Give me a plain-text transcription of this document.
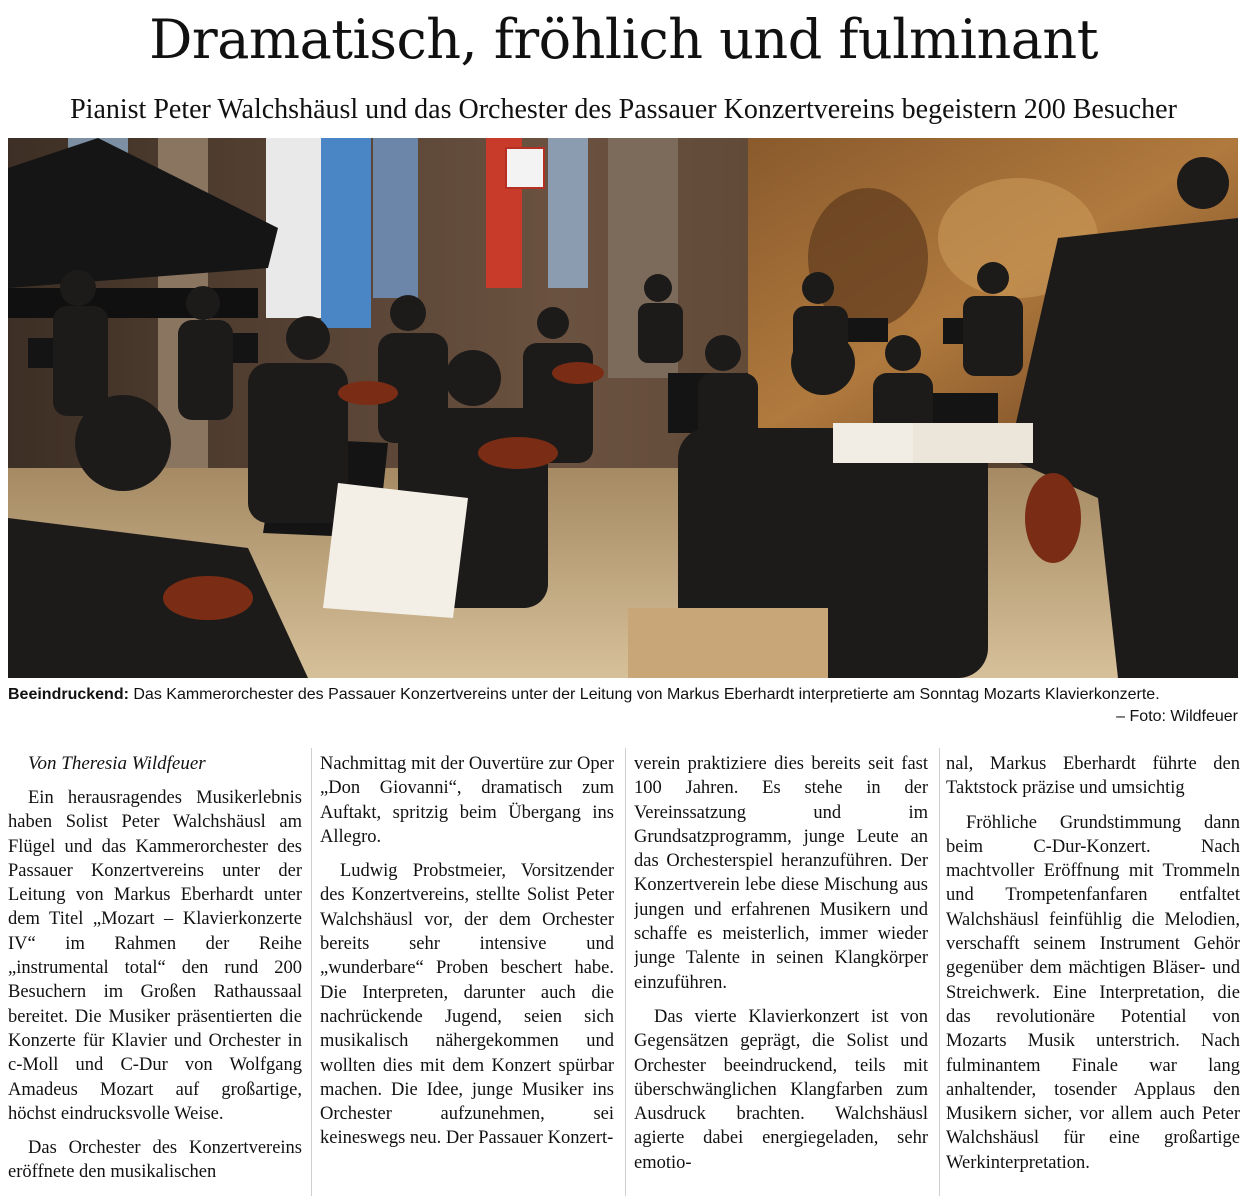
Dramatisch, fröhlich und fulminant
Pianist Peter Walchshäusl und das Orchester des Passauer Konzertvereins begeistern 200 Besucher
Beeindruckend: Das Kammerorchester des Passauer Konzertvereins unter der Leitung von Markus Eberhardt interpretierte am Sonntag Mozarts Klavierkonzerte.
– Foto: Wildfeuer

Von Theresia Wildfeuer

Ein herausragendes Musikerlebnis haben Solist Peter Walchshäusl am Flügel und das Kammerorchester des Passauer Konzertvereins unter der Leitung von Markus Eberhardt unter dem Titel „Mozart – Klavierkonzerte IV“ im Rahmen der Reihe „instrumental total“ den rund 200 Besuchern im Großen Rathaussaal bereitet. Die Musiker präsentierten die Konzerte für Klavier und Orchester in c-Moll und C-Dur von Wolfgang Amadeus Mozart auf großartige, höchst eindrucksvolle Weise.

Das Orchester des Konzertvereins eröffnete den musikalischen

Nachmittag mit der Ouvertüre zur Oper „Don Giovanni“, dramatisch zum Auftakt, spritzig beim Übergang ins Allegro.

Ludwig Probstmeier, Vorsitzender des Konzertvereins, stellte Solist Peter Walchshäusl vor, der dem Orchester bereits sehr intensive und „wunderbare“ Proben beschert habe. Die Interpreten, darunter auch die nachrückende Jugend, seien sich musikalisch nähergekommen und wollten dies mit dem Konzert spürbar machen. Die Idee, junge Musiker ins Orchester aufzunehmen, sei keineswegs neu. Der Passauer Konzert-

verein praktiziere dies bereits seit fast 100 Jahren. Es stehe in der Vereinssatzung und im Grundsatzprogramm, junge Leute an das Orchesterspiel heranzuführen. Der Konzertverein lebe diese Mischung aus jungen und erfahrenen Musikern und schaffe es meisterlich, immer wieder junge Talente in seinen Klangkörper einzuführen.

Das vierte Klavierkonzert ist von Gegensätzen geprägt, die Solist und Orchester beeindruckend, teils mit überschwänglichen Klangfarben zum Ausdruck brachten. Walchshäusl agierte dabei energiegeladen, sehr emotio-

nal, Markus Eberhardt führte den Taktstock präzise und umsichtig

Fröhliche Grundstimmung dann beim C-Dur-Konzert. Nach machtvoller Eröffnung mit Trommeln und Trompetenfanfaren entfaltet Walchshäusl feinfühlig die Melodien, verschafft seinem Instrument Gehör gegenüber dem mächtigen Bläser- und Streichwerk. Eine Interpretation, die das revolutionäre Potential von Mozarts Musik unterstrich. Nach fulminantem Finale war lang anhaltender, tosender Applaus den Musikern sicher, vor allem auch Peter Walchshäusl für eine großartige Werkinterpretation.
